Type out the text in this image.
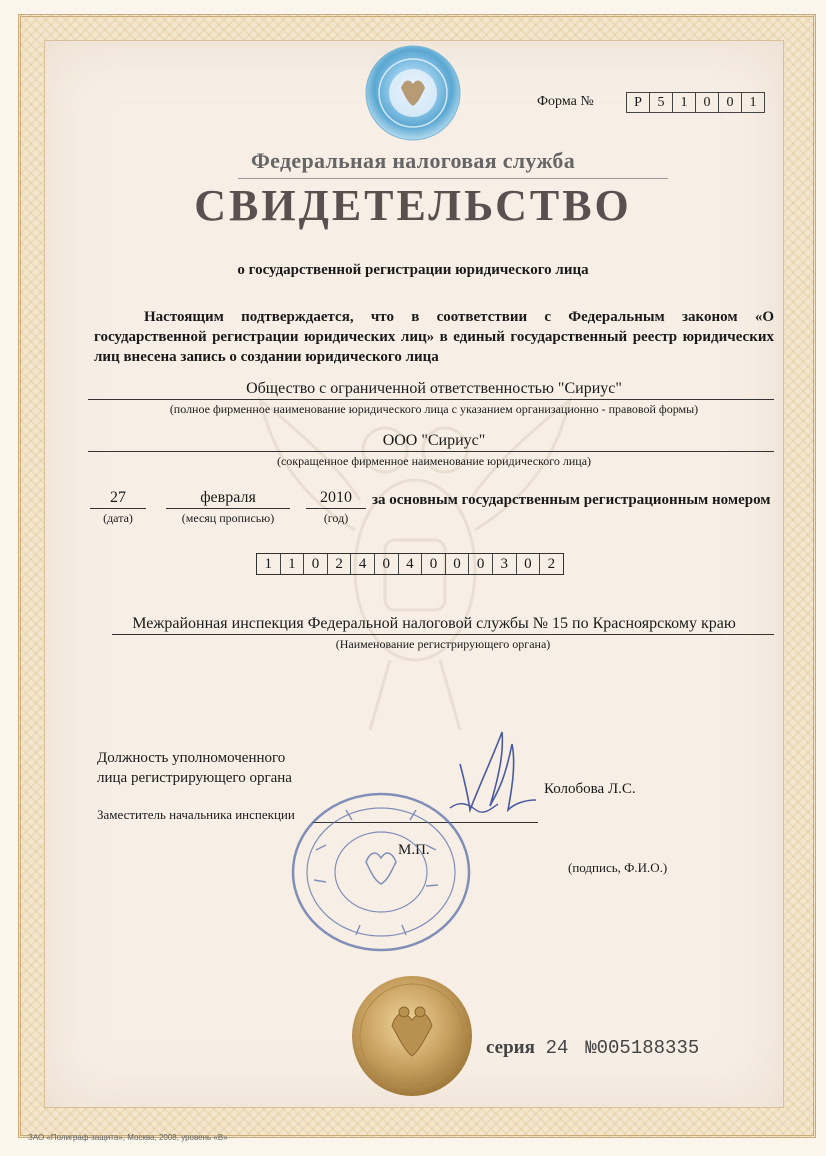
Форма №	Р	5	1	0	0	1
Федеральная налоговая служба
СВИДЕТЕЛЬСТВО
о государственной регистрации юридического лица
Настоящим подтверждается, что в соответствии с Федеральным законом «О государственной регистрации юридических лиц» в единый государственный реестр юридических лиц внесена запись о создании юридического лица
Общество с ограниченной ответственностью "Сириус"
(полное фирменное наименование юридического лица с указанием организационно - правовой формы)
ООО "Сириус"
(сокращенное фирменное наименование юридического лица)
27
(дата)
февраля
(месяц прописью)
2010
(год)
за основным государственным регистрационным номером
1	1	0	2	4	0	4	0	0	0	3	0	2
Межрайонная инспекция Федеральной налоговой службы № 15 по Красноярскому краю
(Наименование регистрирующего органа)
Должность уполномоченного
лица регистрирующего органа
Заместитель начальника инспекции
Колобова Л.С.
М.П.
(подпись, Ф.И.О.)
серия 24 №005188335
ЗАО «Полиграф-защита», Москва, 2008, уровень «В»
